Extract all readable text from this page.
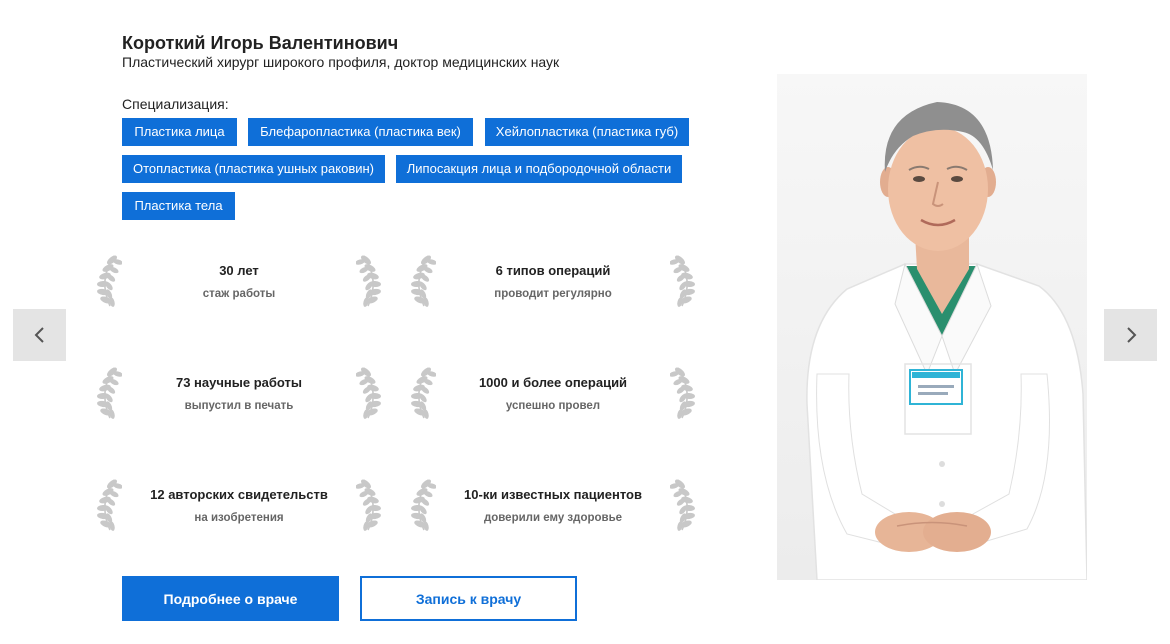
Короткий Игорь Валентинович
Пластический хирург широкого профиля, доктор медицинских наук
Специализация:
Пластика лица	Блефаропластика (пластика век)	Хейлопластика (пластика губ)
Отопластика (пластика ушных раковин)	Липосакция лица и подбородочной области
Пластика тела
30 лет
стаж работы
6 типов операций
проводит регулярно
73 научные работы
выпустил в печать
1000 и более операций
успешно провел
12 авторских свидетельств
на изобретения
10-ки известных пациентов
доверили ему здоровье
Подробнее о враче	Запись к врачу
